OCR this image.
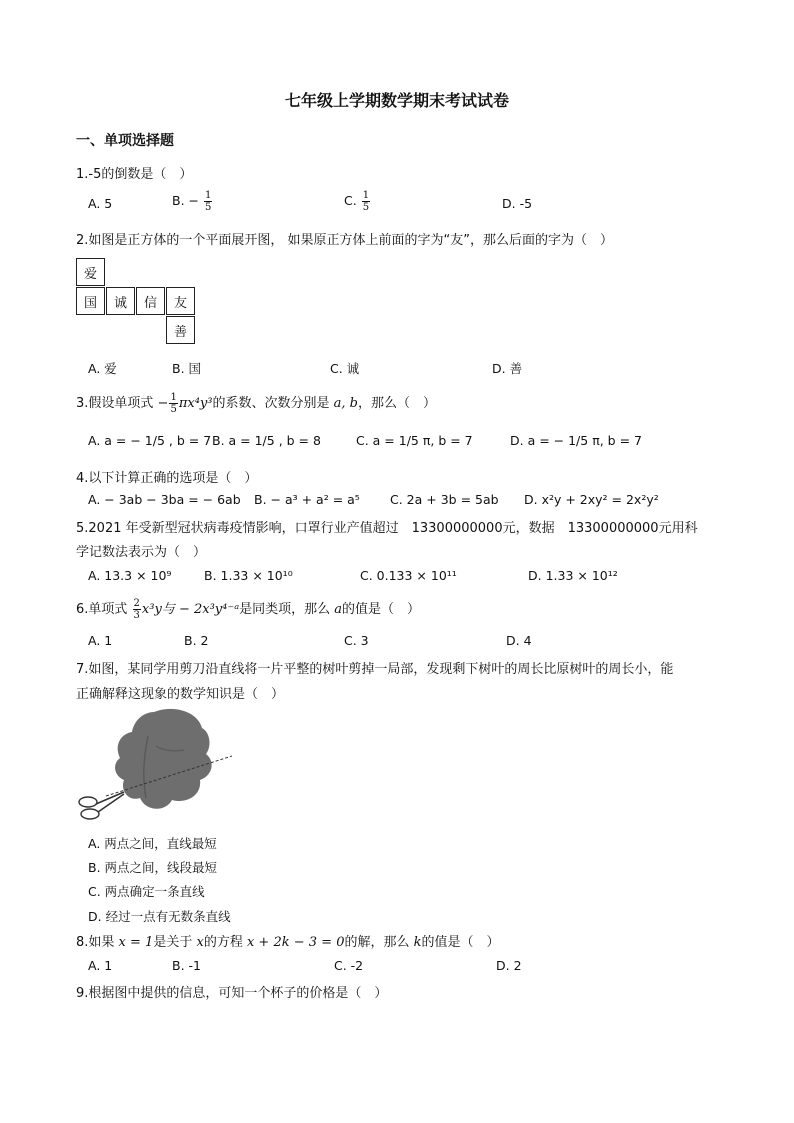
七年级上学期数学期末考试试卷
一、单项选择题
1.-5的倒数是（　）
A. 5	B. − $\frac{1}{5}$	C. $\frac{1}{5}$	D. -5
2.如图是正方体的一个平面展开图， 如果原正方体上前面的字为“友”，那么后面的字为（　）
爱
国	诚	信	友
善
A. 爱	B. 国	C. 诚	D. 善
3.假设单项式 − $\frac{1}{5} \pi x^4y^3$的系数、次数分别是 a, b，那么（　）
A. a = − 1/5 , b = 7 B. a = 1/5 , b = 8	C. a = 1/5 π, b = 7	D. a = − 1/5 π, b = 7
4.以下计算正确的选项是（　）
A. − 3ab − 3ba = − 6ab B. − a³ + a² = a⁵ C. 2a + 3b = 5ab D. x²y + 2xy² = 2x²y²
5.2021 年受新型冠状病毒疫情影响，口罩行业产值超过　13300000000元，数据　13300000000元用科
学记数法表示为（　）
A. 13.3 × 10⁹	B. 1.33 × 10¹⁰	C. 0.133 × 10¹¹	D. 1.33 × 10¹²
6.单项式 $\frac{2}{3} x^3y$与 − 2x³y⁴⁻ᵃ是同类项，那么 a的值是（　）
A. 1	B. 2	C. 3	D. 4
7.如图，某同学用剪刀沿直线将一片平整的树叶剪掉一局部，发现剩下树叶的周长比原树叶的周长小，能
正确解释这现象的数学知识是（　）
A. 两点之间，直线最短
B. 两点之间，线段最短
C. 两点确定一条直线
D. 经过一点有无数条直线
8.如果 x = 1是关于 x的方程 x + 2k − 3 = 0的解，那么 k的值是（　）
A. 1	B. -1	C. -2	D. 2
9.根据图中提供的信息，可知一个杯子的价格是（　）
